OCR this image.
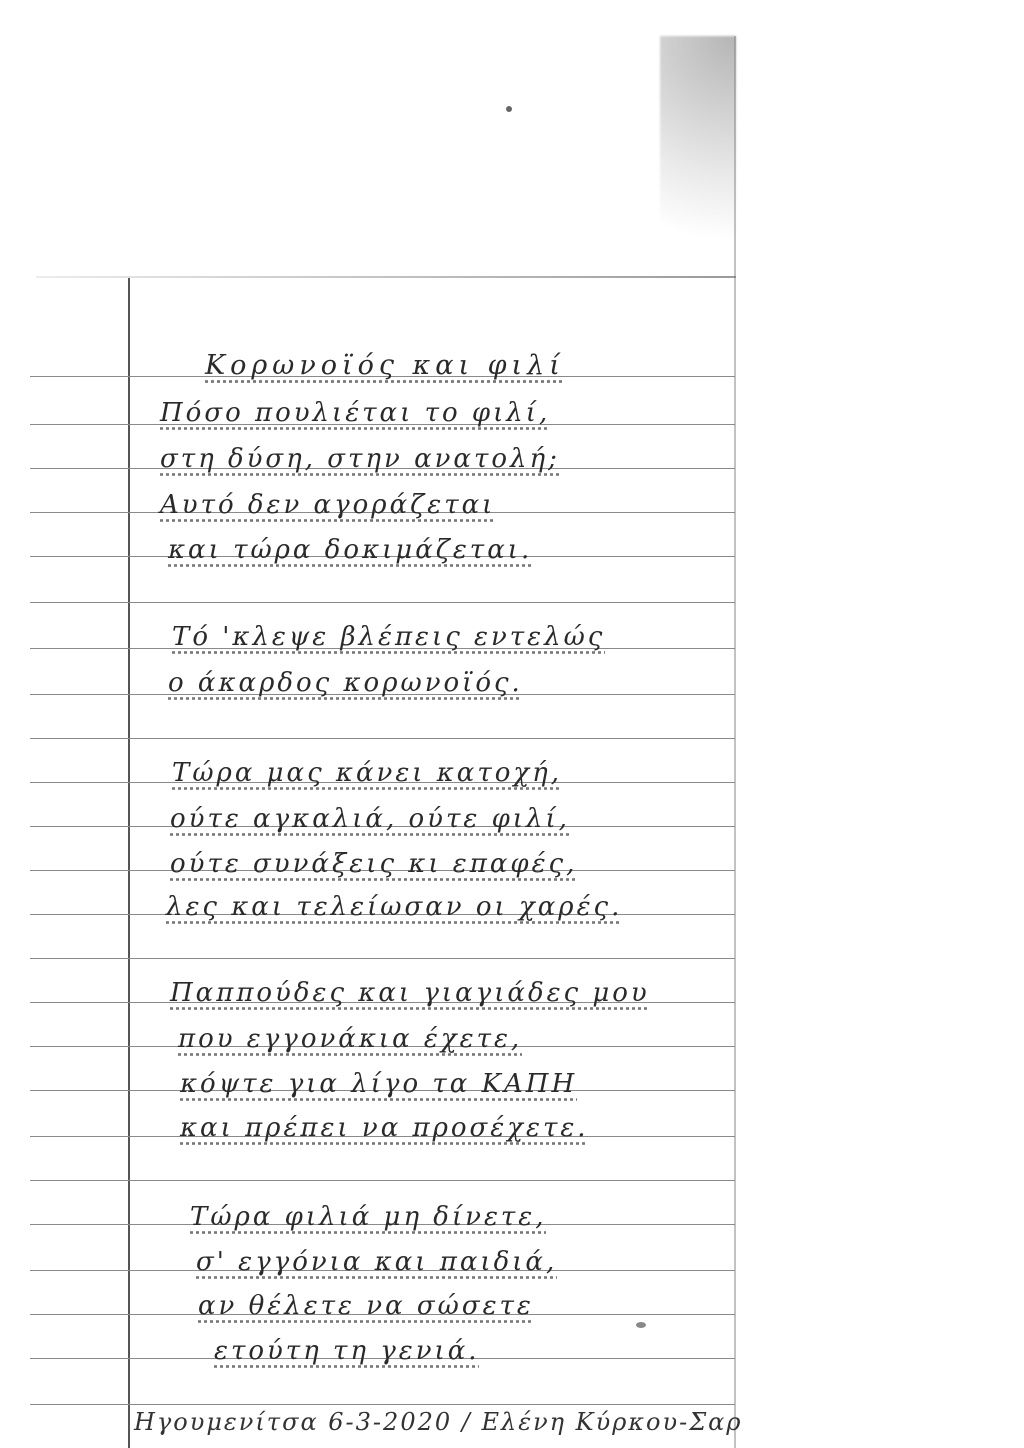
Κορωνοϊός και φιλί
Πόσο πουλιέται το φιλί,
στη δύση, στην ανατολή;
Αυτό δεν αγοράζεται
και τώρα δοκιμάζεται.
Τό 'κλεψε βλέπεις εντελώς
ο άκαρδος κορωνοϊός.
Τώρα μας κάνει κατοχή,
ούτε αγκαλιά, ούτε φιλί,
ούτε συνάξεις κι επαφές,
λες και τελείωσαν οι χαρές.
Παππούδες και γιαγιάδες μου
που εγγονάκια έχετε,
κόψτε για λίγο τα ΚΑΠΗ
και πρέπει να προσέχετε.
Τώρα φιλιά μη δίνετε,
σ' εγγόνια και παιδιά,
αν θέλετε να σώσετε
ετούτη τη γενιά.
Ηγουμενίτσα 6-3-2020 / Ελένη Κύρκου-Σαρ
